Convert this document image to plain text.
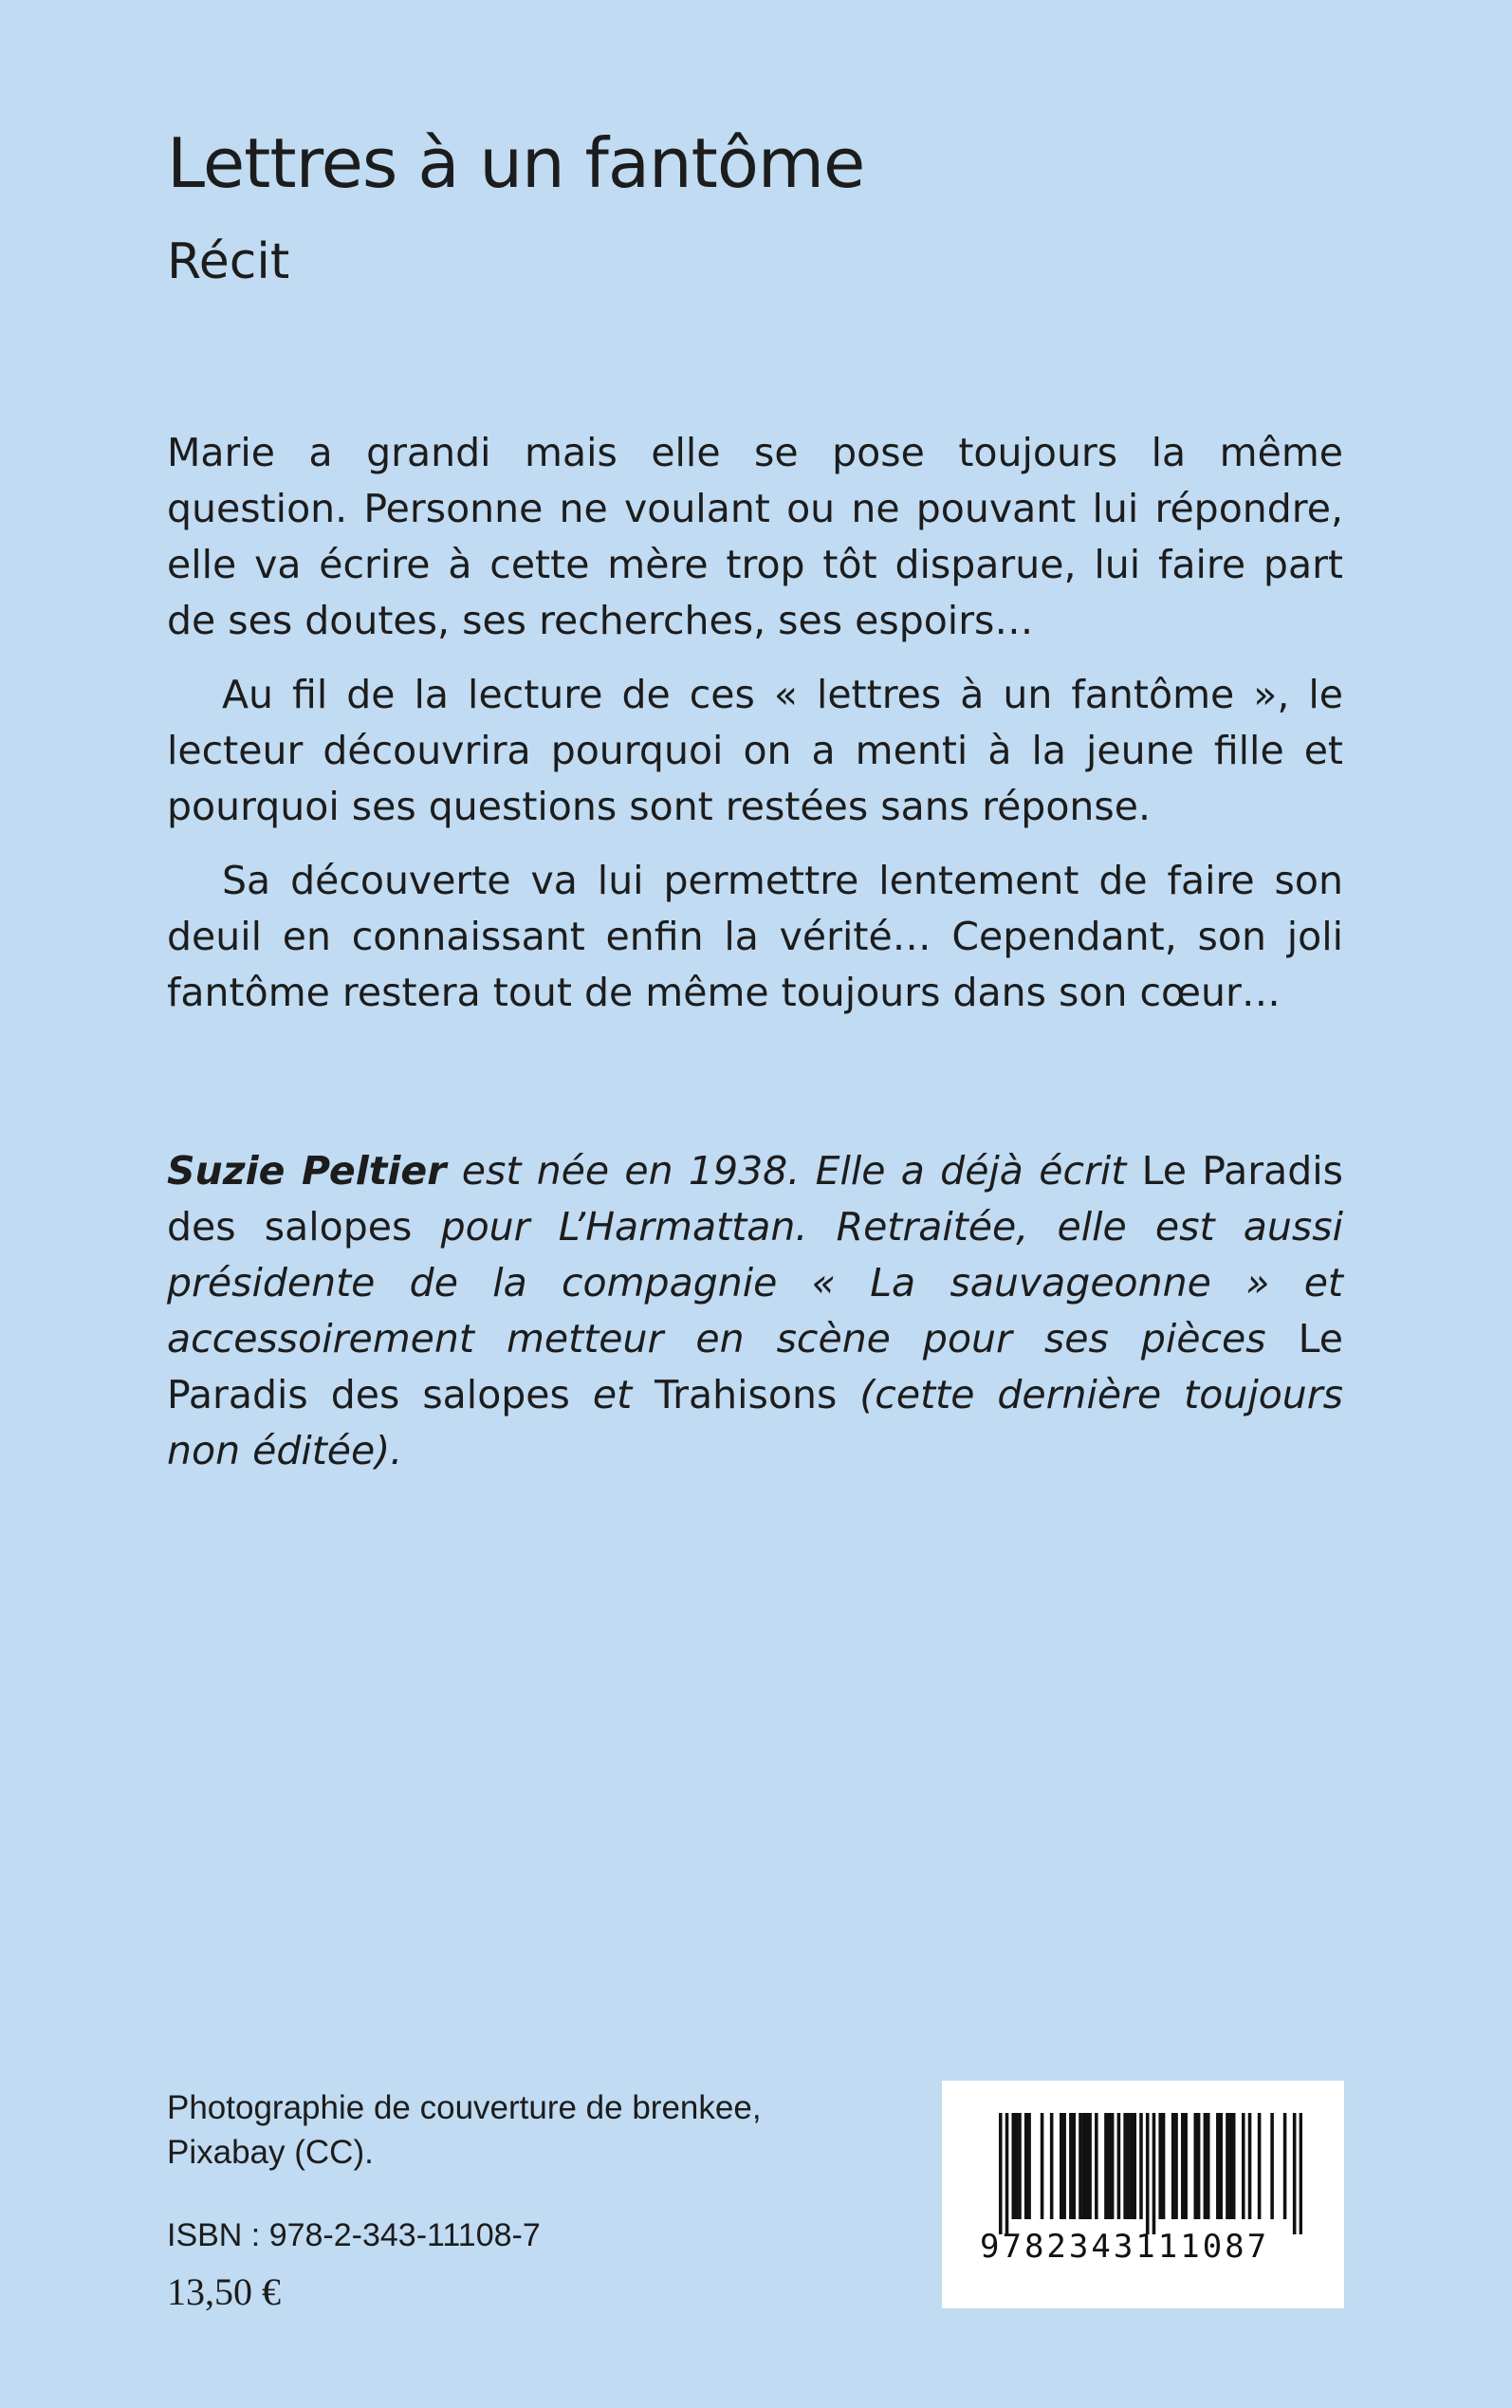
Lettres à un fantôme
Récit

Marie a grandi mais elle se pose toujours la même question. Personne ne voulant ou ne pouvant lui répondre, elle va écrire à cette mère trop tôt disparue, lui faire part de ses doutes, ses recherches, ses espoirs…

Au fil de la lecture de ces « lettres à un fantôme », le lecteur découvrira pourquoi on a menti à la jeune fille et pourquoi ses questions sont restées sans réponse.

Sa découverte va lui permettre lentement de faire son deuil en connaissant enfin la vérité… Cependant, son joli fantôme restera tout de même toujours dans son cœur…

Suzie Peltier est née en 1938. Elle a déjà écrit Le Paradis des salopes pour L’Harmattan. Retraitée, elle est aussi présidente de la compagnie « La sauvageonne » et accessoirement metteur en scène pour ses pièces Le Paradis des salopes et Trahisons (cette dernière toujours non éditée).

Photographie de couverture de brenkee,
Pixabay (CC).
ISBN : 978-2-343-11108-7
13,50 €
9782343111087
